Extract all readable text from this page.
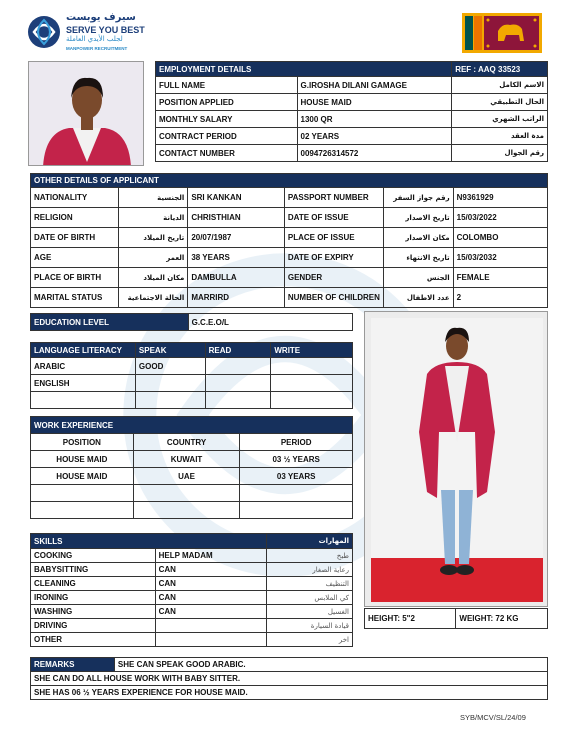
سيرف يوبست
SERVE YOU BEST
لجلب الأيدي العاملة
MANPOWER RECRUITMENT
EMPLOYMENT DETAILS		REF : AAQ 33523
FULL NAME	G.IROSHA DILANI GAMAGE	الاسم الكامل
POSITION APPLIED	HOUSE MAID	الحال التطبيقي
MONTHLY SALARY	1300 QR	الراتب الشهري
CONTRACT PERIOD	02 YEARS	مدة العقد
CONTACT NUMBER	0094726314572	رقم الجوال
OTHER DETAILS OF APPLICANT					
NATIONALITY	الجنسية	SRI KANKAN	PASSPORT NUMBER	رقم جواز السفر	N9361929
RELIGION	الديانة	CHRISTHIAN	DATE OF ISSUE	تاريخ الاصدار	15/03/2022
DATE OF BIRTH	تاريخ الميلاد	20/07/1987	PLACE OF ISSUE	مكان الاصدار	COLOMBO
AGE	العمر	38 YEARS	DATE OF EXPIRY	تاريخ الانتهاء	15/03/2032
PLACE OF BIRTH	مكان الميلاد	DAMBULLA	GENDER	الجنس	FEMALE
MARITAL STATUS	الحالة الاجتماعية	MARRIRD	NUMBER OF CHILDREN	عدد الاطفال	2
EDUCATION LEVEL	G.C.E.O/L
LANGUAGE LITERACY	SPEAK	READ	WRITE
ARABIC	GOOD		
ENGLISH			

WORK EXPERIENCE		
POSITION	COUNTRY	PERIOD
HOUSE MAID	KUWAIT	03 ½ YEARS
HOUSE MAID	UAE	03 YEARS

HEIGHT: 5"2	WEIGHT: 72 KG
SKILLS		المهارات
COOKING	HELP MADAM	طبخ
BABYSITTING	CAN	رعاية الصغار
CLEANING	CAN	التنظيف
IRONING	CAN	كي الملابس
WASHING	CAN	الغسيل
DRIVING		قيادة السيارة
OTHER		اخر
REMARKS	SHE CAN SPEAK GOOD ARABIC.
SHE CAN DO ALL HOUSE WORK WITH BABY SITTER.
SHE HAS 06 ½ YEARS EXPERIENCE FOR HOUSE MAID.
SYB/MCV/SL/24/09
